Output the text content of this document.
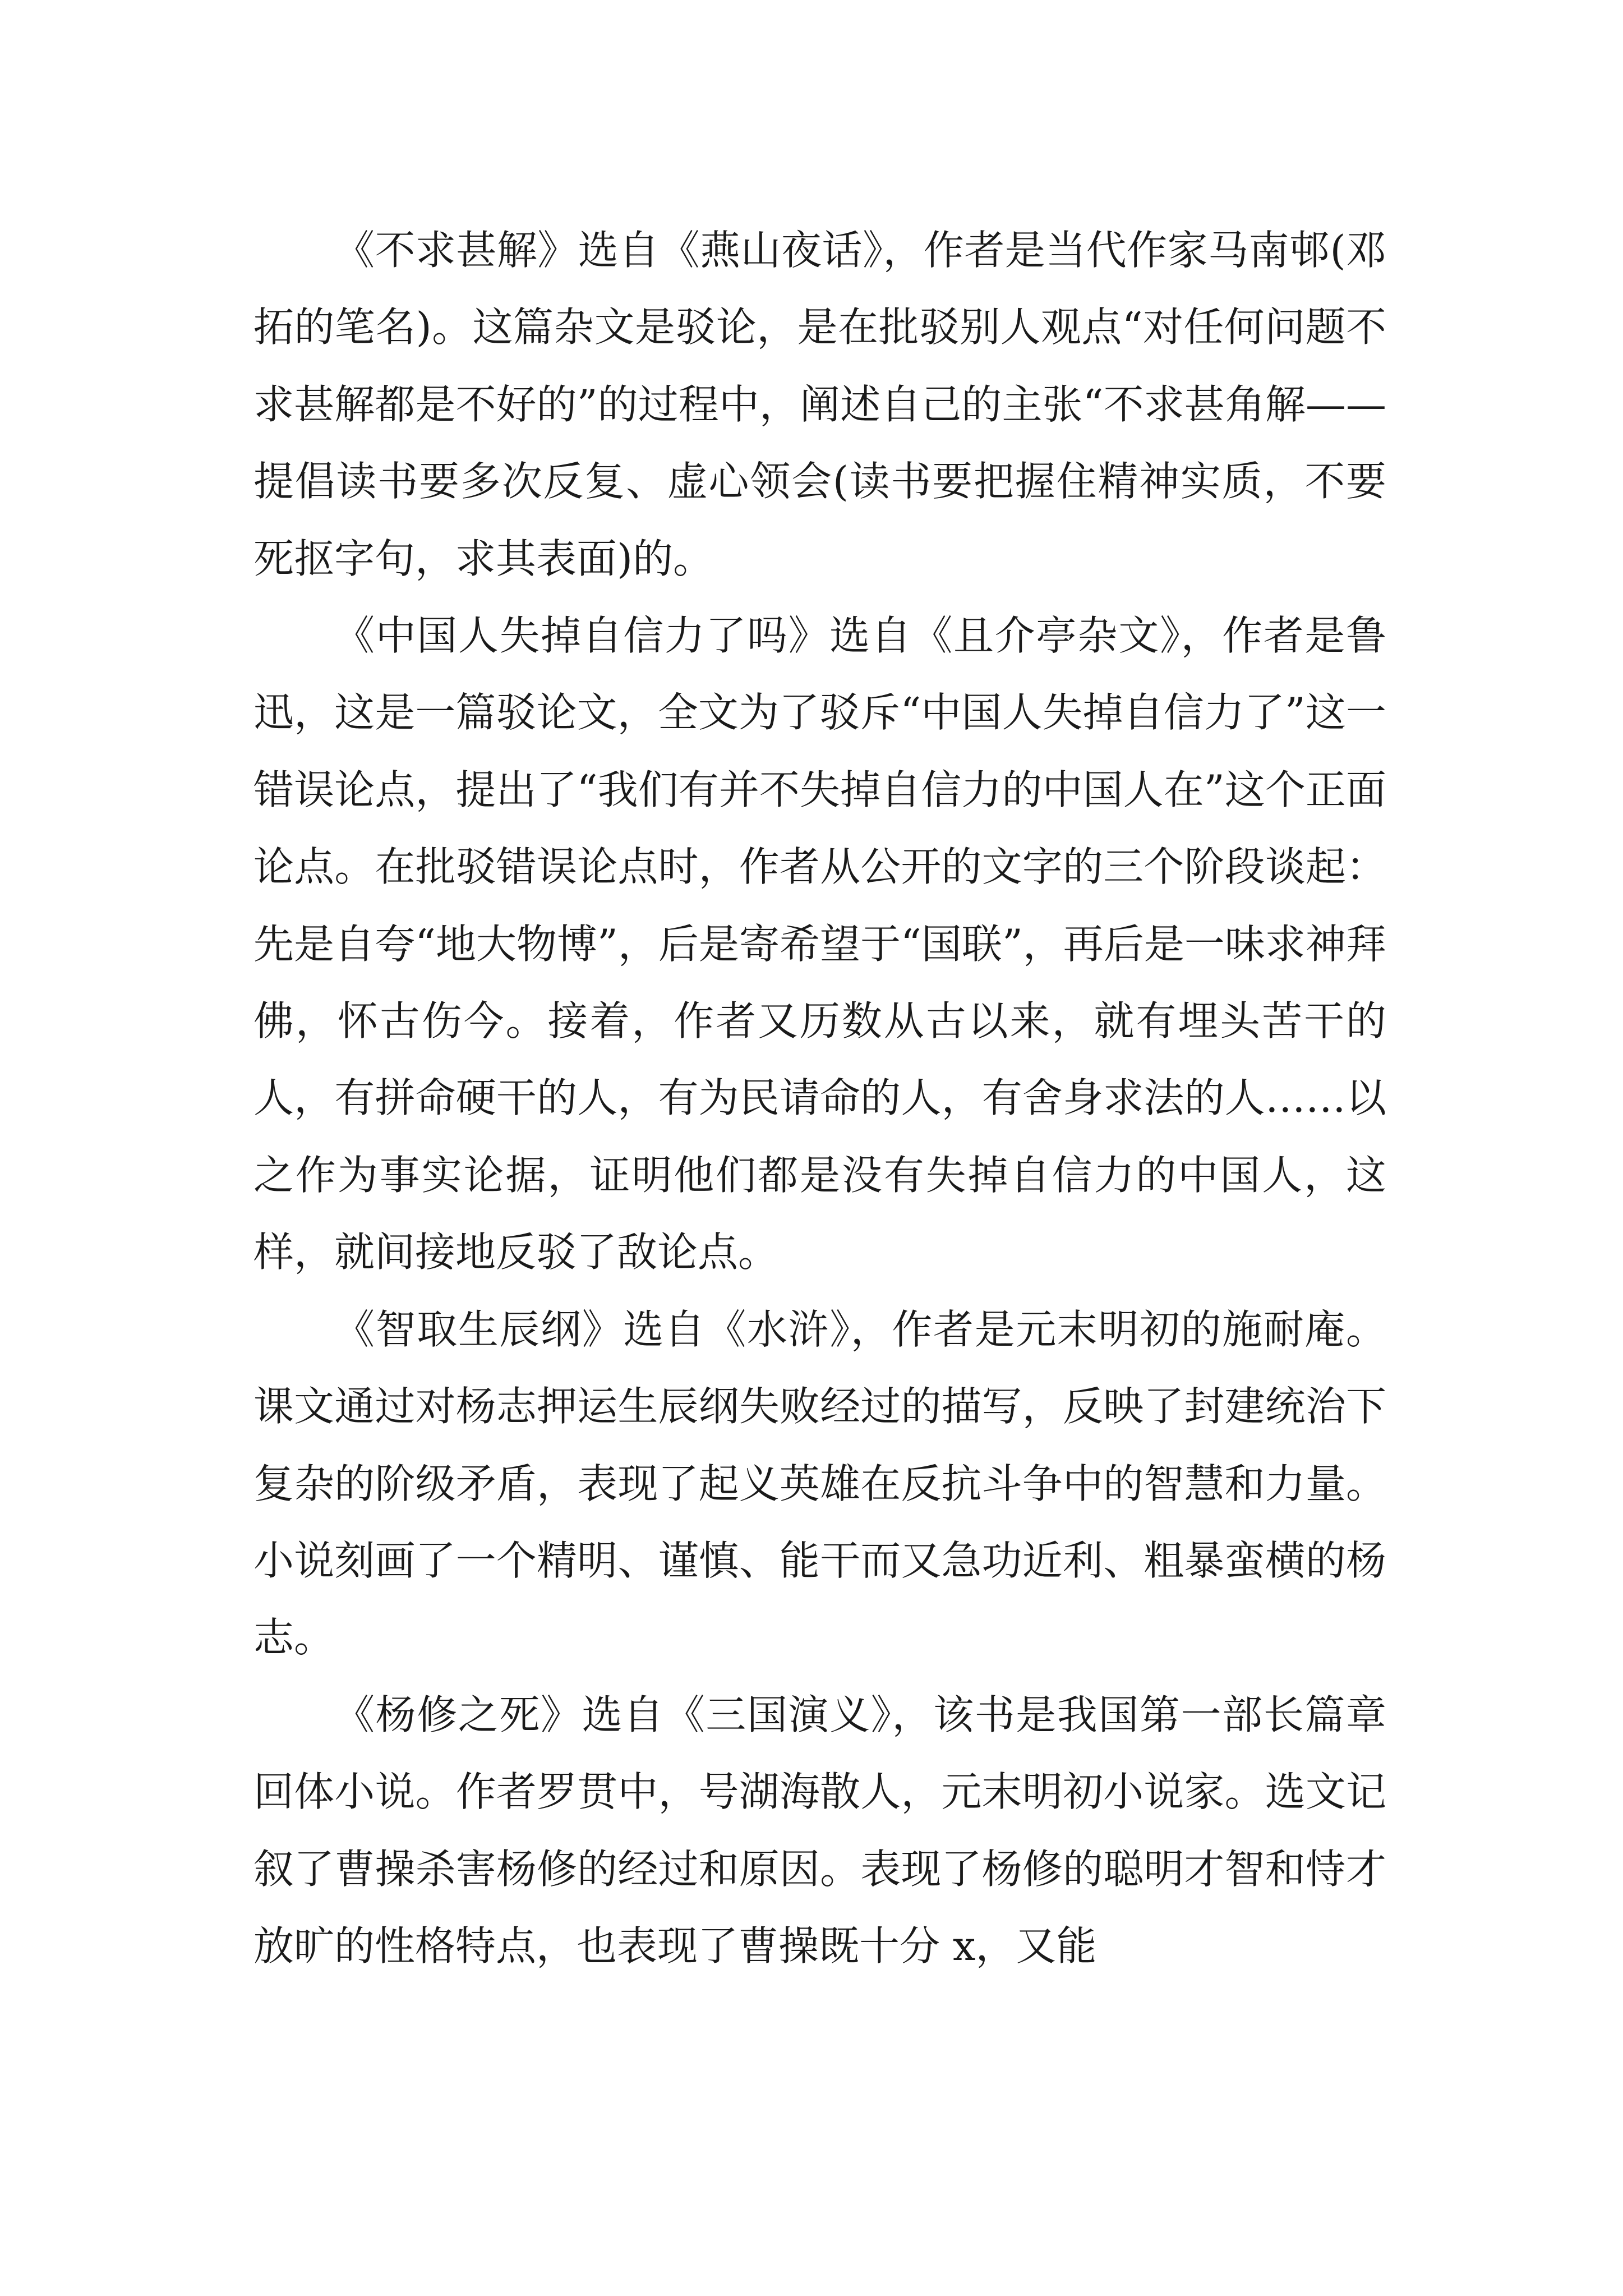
《不求甚解》选自《燕山夜话》，作者是当代作家马南邨(邓拓的笔名)。这篇杂文是驳论，是在批驳别人观点“对任何问题不求甚解都是不好的”的过程中，阐述自己的主张“不求甚角解——提倡读书要多次反复、虚心领会(读书要把握住精神实质，不要死抠字句，求其表面)的。

《中国人失掉自信力了吗》选自《且介亭杂文》，作者是鲁迅，这是一篇驳论文，全文为了驳斥“中国人失掉自信力了”这一错误论点，提出了“我们有并不失掉自信力的中国人在”这个正面论点。在批驳错误论点时，作者从公开的文字的三个阶段谈起：先是自夸“地大物博”，后是寄希望于“国联”，再后是一味求神拜佛，怀古伤今。接着，作者又历数从古以来，就有埋头苦干的人，有拼命硬干的人，有为民请命的人，有舍身求法的人……以之作为事实论据，证明他们都是没有失掉自信力的中国人，这样，就间接地反驳了敌论点。

《智取生辰纲》选自《水浒》，作者是元末明初的施耐庵。课文通过对杨志押运生辰纲失败经过的描写，反映了封建统治下复杂的阶级矛盾，表现了起义英雄在反抗斗争中的智慧和力量。小说刻画了一个精明、谨慎、能干而又急功近利、粗暴蛮横的杨志。

《杨修之死》选自《三国演义》，该书是我国第一部长篇章回体小说。作者罗贯中，号湖海散人，元末明初小说家。选文记叙了曹操杀害杨修的经过和原因。表现了杨修的聪明才智和恃才放旷的性格特点，也表现了曹操既十分 x，又能
